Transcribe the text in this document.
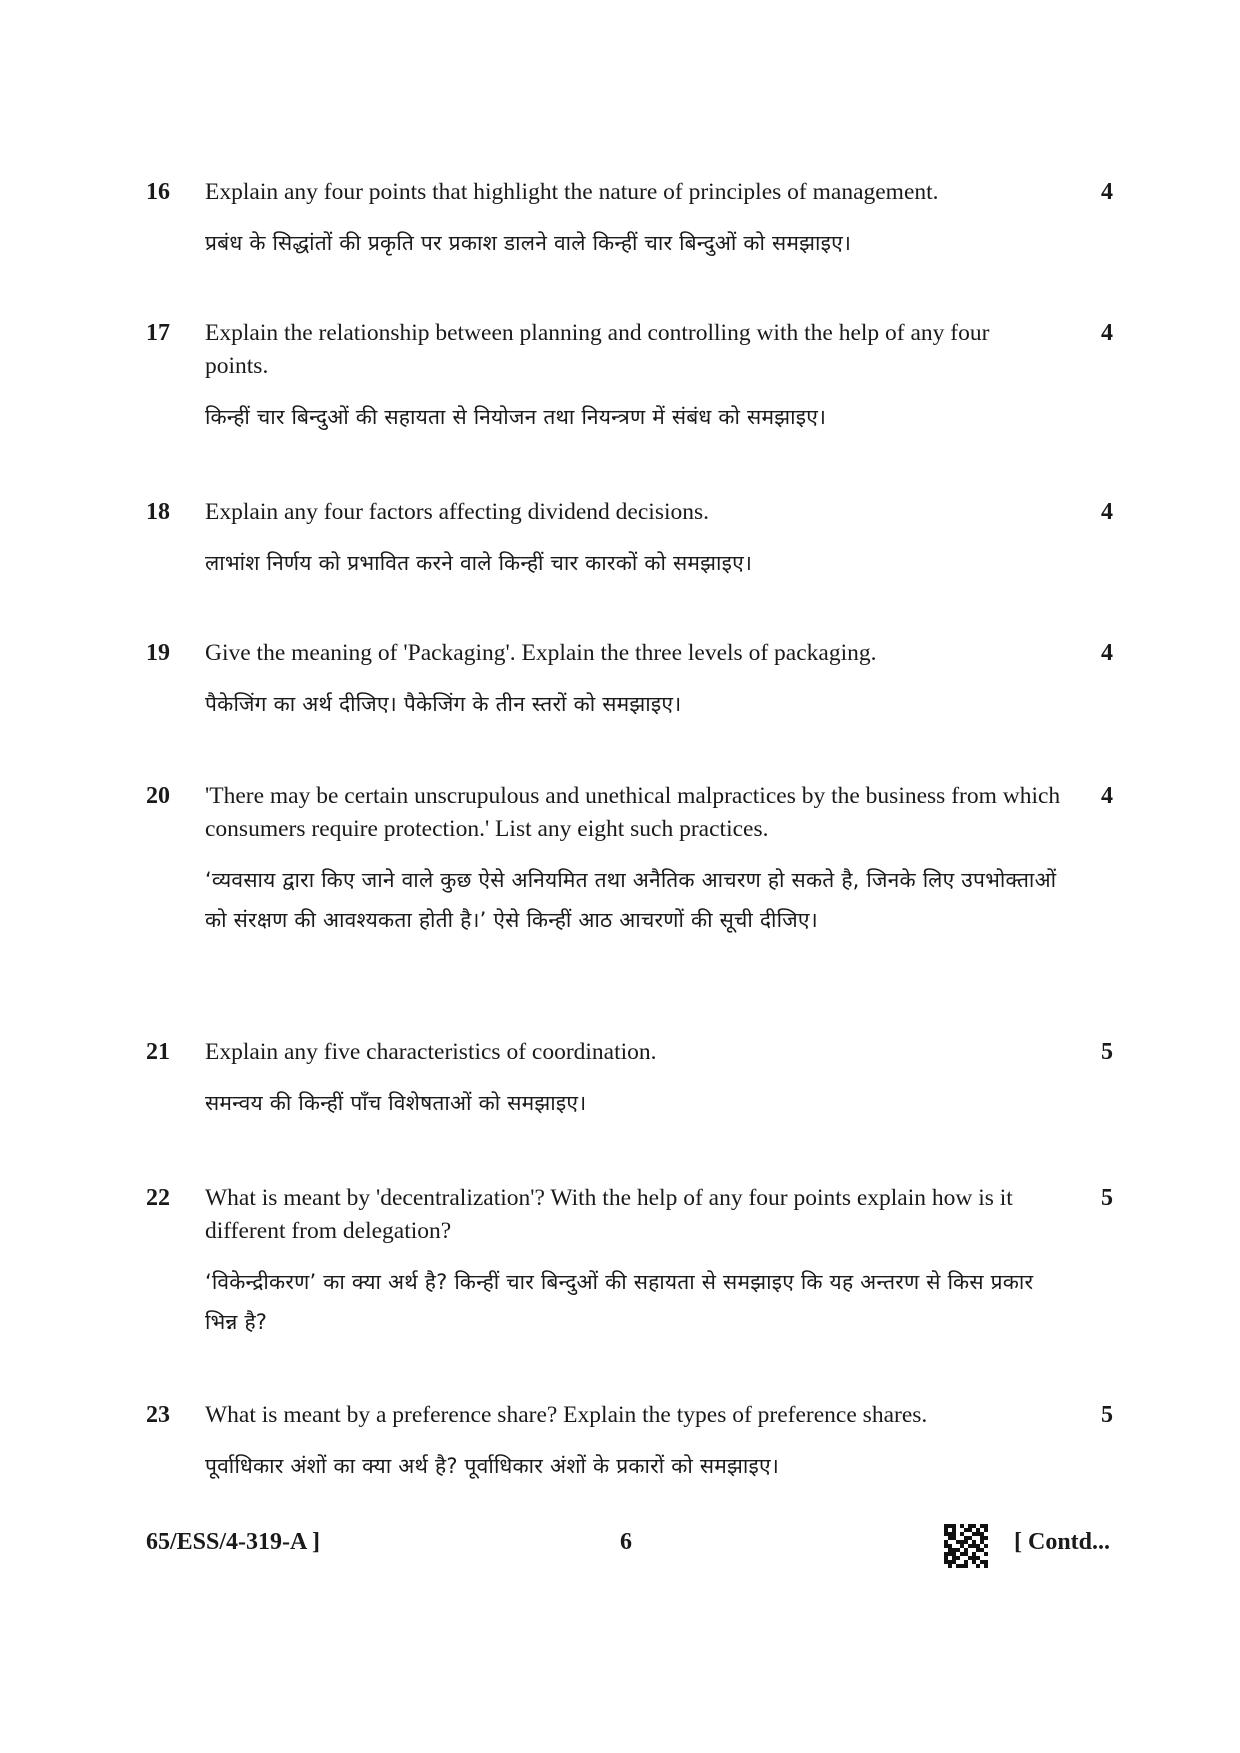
16 Explain any four points that highlight the nature of principles of management.

प्रबंध के सिद्धांतों की प्रकृति पर प्रकाश डालने वाले किन्हीं चार बिन्दुओं को समझाइए।

4
17 Explain the relationship between planning and controlling with the help of any four points.

किन्हीं चार बिन्दुओं की सहायता से नियोजन तथा नियन्त्रण में संबंध को समझाइए।

4
18 Explain any four factors affecting dividend decisions.

लाभांश निर्णय को प्रभावित करने वाले किन्हीं चार कारकों को समझाइए।

4
19 Give the meaning of 'Packaging'. Explain the three levels of packaging.

पैकेजिंग का अर्थ दीजिए। पैकेजिंग के तीन स्तरों को समझाइए।

4
20 'There may be certain unscrupulous and unethical malpractices by the business from which consumers require protection.' List any eight such practices.

‘व्यवसाय द्वारा किए जाने वाले कुछ ऐसे अनियमित तथा अनैतिक आचरण हो सकते है, जिनके लिए उपभोक्ताओं को संरक्षण की आवश्यकता होती है।’ ऐसे किन्हीं आठ आचरणों की सूची दीजिए।

4
21 Explain any five characteristics of coordination.

समन्वय की किन्हीं पाँच विशेषताओं को समझाइए।

5
22 What is meant by 'decentralization'? With the help of any four points explain how is it different from delegation?

‘विकेन्द्रीकरण’ का क्या अर्थ है? किन्हीं चार बिन्दुओं की सहायता से समझाइए कि यह अन्तरण से किस प्रकार भिन्न है?

5
23 What is meant by a preference share? Explain the types of preference shares.

पूर्वाधिकार अंशों का क्या अर्थ है? पूर्वाधिकार अंशों के प्रकारों को समझाइए।

5
65/ESS/4-319-A ]	6	[ Contd...
